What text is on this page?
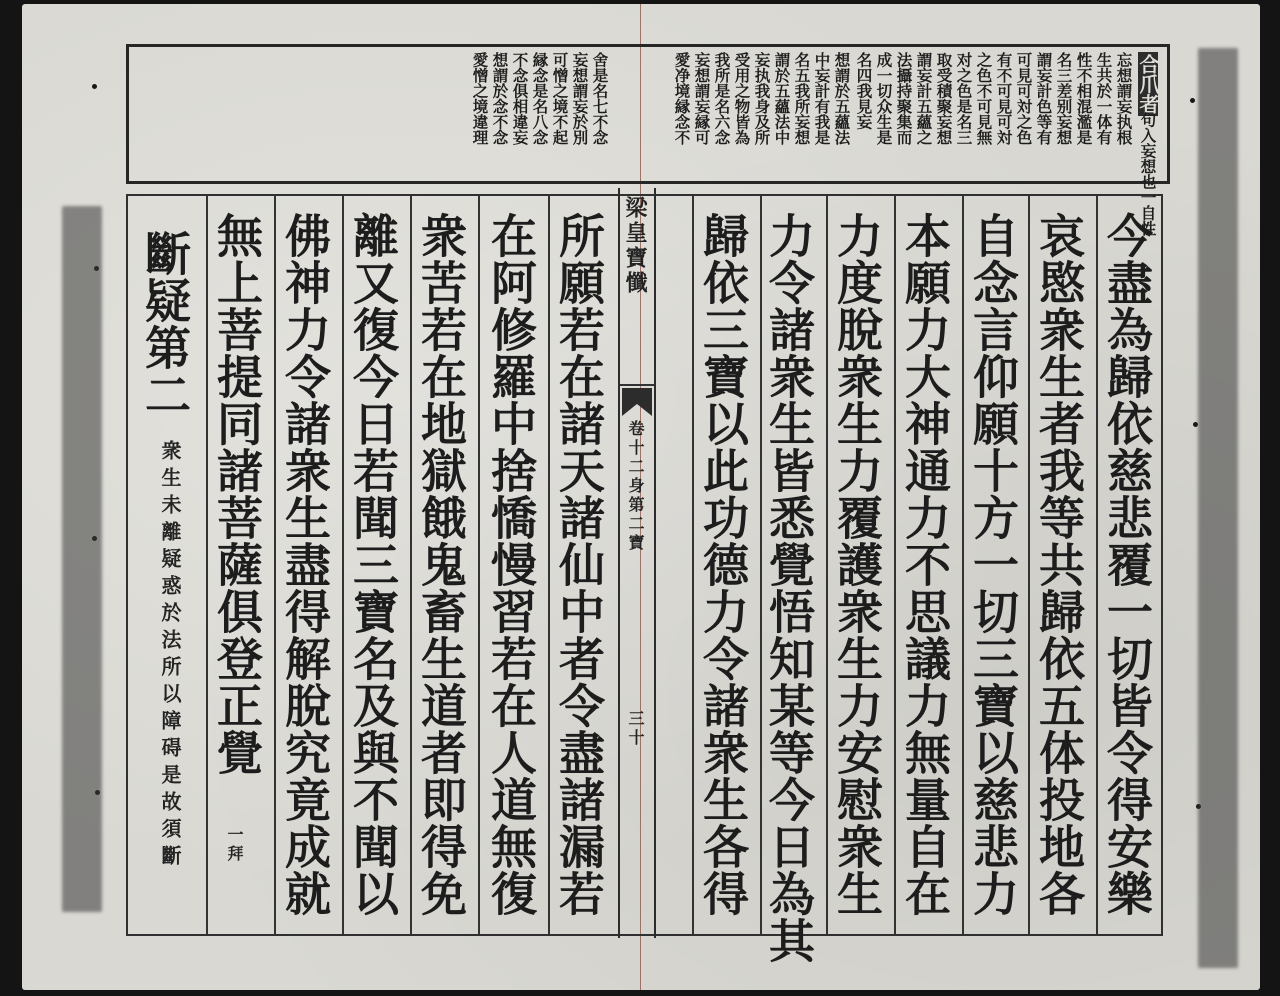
合爪者
句入妄想也一自性
忘想謂妄执根
生共於一体有
性不相混濫是
名三差别妄想
謂妄計色等有
可見可対之色
有不可見可対
之色不可見無
对之色是名三
取受積聚妄想
謂妄計五蘊之
法攝持聚集而
成一切众生是
名四我見妄
想謂於五蘊法
中妄計有我是
名五我所妄想
謂於五蘊法中
妄执我身及所
受用之物皆為
我所是名六念
妄想謂妄縁可
愛净境縁念不
舍是名七不念
妄想謂妄於別
可憎之境不起
縁念是名八念
不念俱相違妄
想謂於念不念
愛憎之境違理
梁皇寶懺
卷十二身第二寶
三十	今盡為歸依慈悲覆一切皆令得安樂
哀愍衆生者我等共歸依五体投地各
自念言仰願十方一切三寶以慈悲力
本願力大神通力不思議力無量自在
力度脫衆生力覆護衆生力安慰衆生
力令諸衆生皆悉覺悟知某等今日為其
歸依三寶以此功德力令諸衆生各得
所願若在諸天諸仙中者令盡諸漏若
在阿修羅中捨憍慢習若在人道無復
衆苦若在地獄餓鬼畜生道者即得免
離又復今日若聞三寶名及與不聞以
佛神力令諸衆生盡得解脫究竟成就
無上菩提同諸菩薩俱登正覺
一拜
斷疑第二
衆生未離疑惑於法所以障碍是故須斷
